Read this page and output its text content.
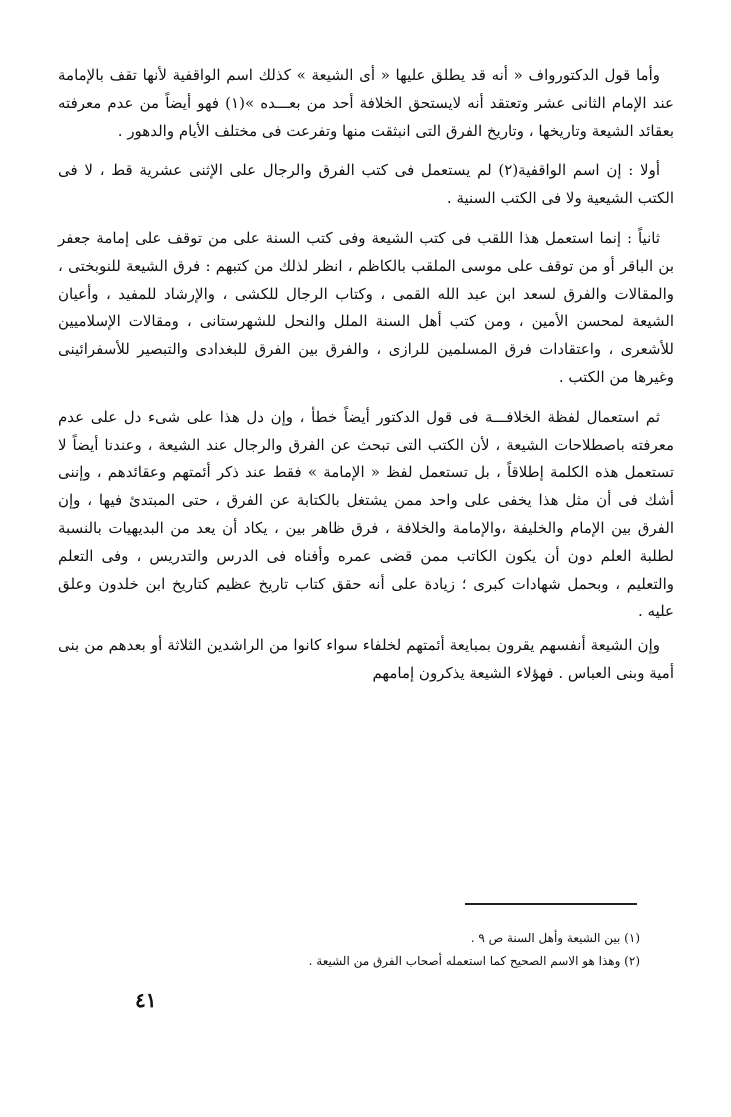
وأما قول الدكتورواف « أنه قد يطلق عليها « أى الشيعة » كذلك اسم الواقفية لأنها تقف بالإمامة عند الإمام الثانى عشر وتعتقد أنه لايستحق الخلافة أحد من بعـــده »(١) فهو أيضاً من عدم معرفته بعقائد الشيعة وتاريخها ، وتاريخ الفرق التى انبثقت منها وتفرعت فى مختلف الأيام والدهور .

أولا : إن اسم الواقفية(٢) لم يستعمل فى كتب الفرق والرجال على الإثنى عشرية قط ، لا فى الكتب الشيعية ولا فى الكتب السنية .

ثانياً : إنما استعمل هذا اللقب فى كتب الشيعة وفى كتب السنة على من توقف على إمامة جعفر بن الباقر أو من توقف على موسى الملقب بالكاظم ، انظر لذلك من كتبهم : فرق الشيعة للنوبختى ، والمقالات والفرق لسعد ابن عبد الله القمى ، وكتاب الرجال للكشى ، والإرشاد للمفيد ، وأعيان الشيعة لمحسن الأمين ، ومن كتب أهل السنة الملل والنحل للشهرستانى ، ومقالات الإسلاميين للأشعرى ، واعتقادات فرق المسلمين للرازى ، والفرق بين الفرق للبغدادى والتبصير للأسفرائينى وغيرها من الكتب .

ثم استعمال لفظة الخلافـــة فى قول الدكتور أيضاً خطأ ، وإن دل هذا على شىء دل على عدم معرفته باصطلاحات الشيعة ، لأن الكتب التى تبحث عن الفرق والرجال عند الشيعة ، وعندنا أيضاً لا تستعمل هذه الكلمة إطلاقاً ، بل تستعمل لفظ « الإمامة » فقط عند ذكر أئمتهم وعقائدهم ، وإننى أشك فى أن مثل هذا يخفى على واحد ممن يشتغل بالكتابة عن الفرق ، حتى المبتدئ فيها ، وإن الفرق بين الإمام والخليفة ،والإمامة والخلافة ، فرق ظاهر بين ، يكاد أن يعد من البديهيات بالنسبة لطلبة العلم دون أن يكون الكاتب ممن قضى عمره وأفناه فى الدرس والتدريس ، وفى التعلم والتعليم ، وبحمل شهادات كبرى ؛ زيادة على أنه حقق كتاب تاريخ عظيم كتاريخ ابن خلدون وعلق عليه .

وإن الشيعة أنفسهم يقرون بمبايعة أئمتهم لخلفاء سواء كانوا من الراشدين الثلاثة أو بعدهم من بنى أمية وبنى العباس . فهؤلاء الشيعة يذكرون إمامهم

(١) بين الشيعة وأهل السنة ص ٩ .

(٢) وهذا هو الاسم الصحيح كما استعمله أصحاب الفرق من الشيعة .

٤١
